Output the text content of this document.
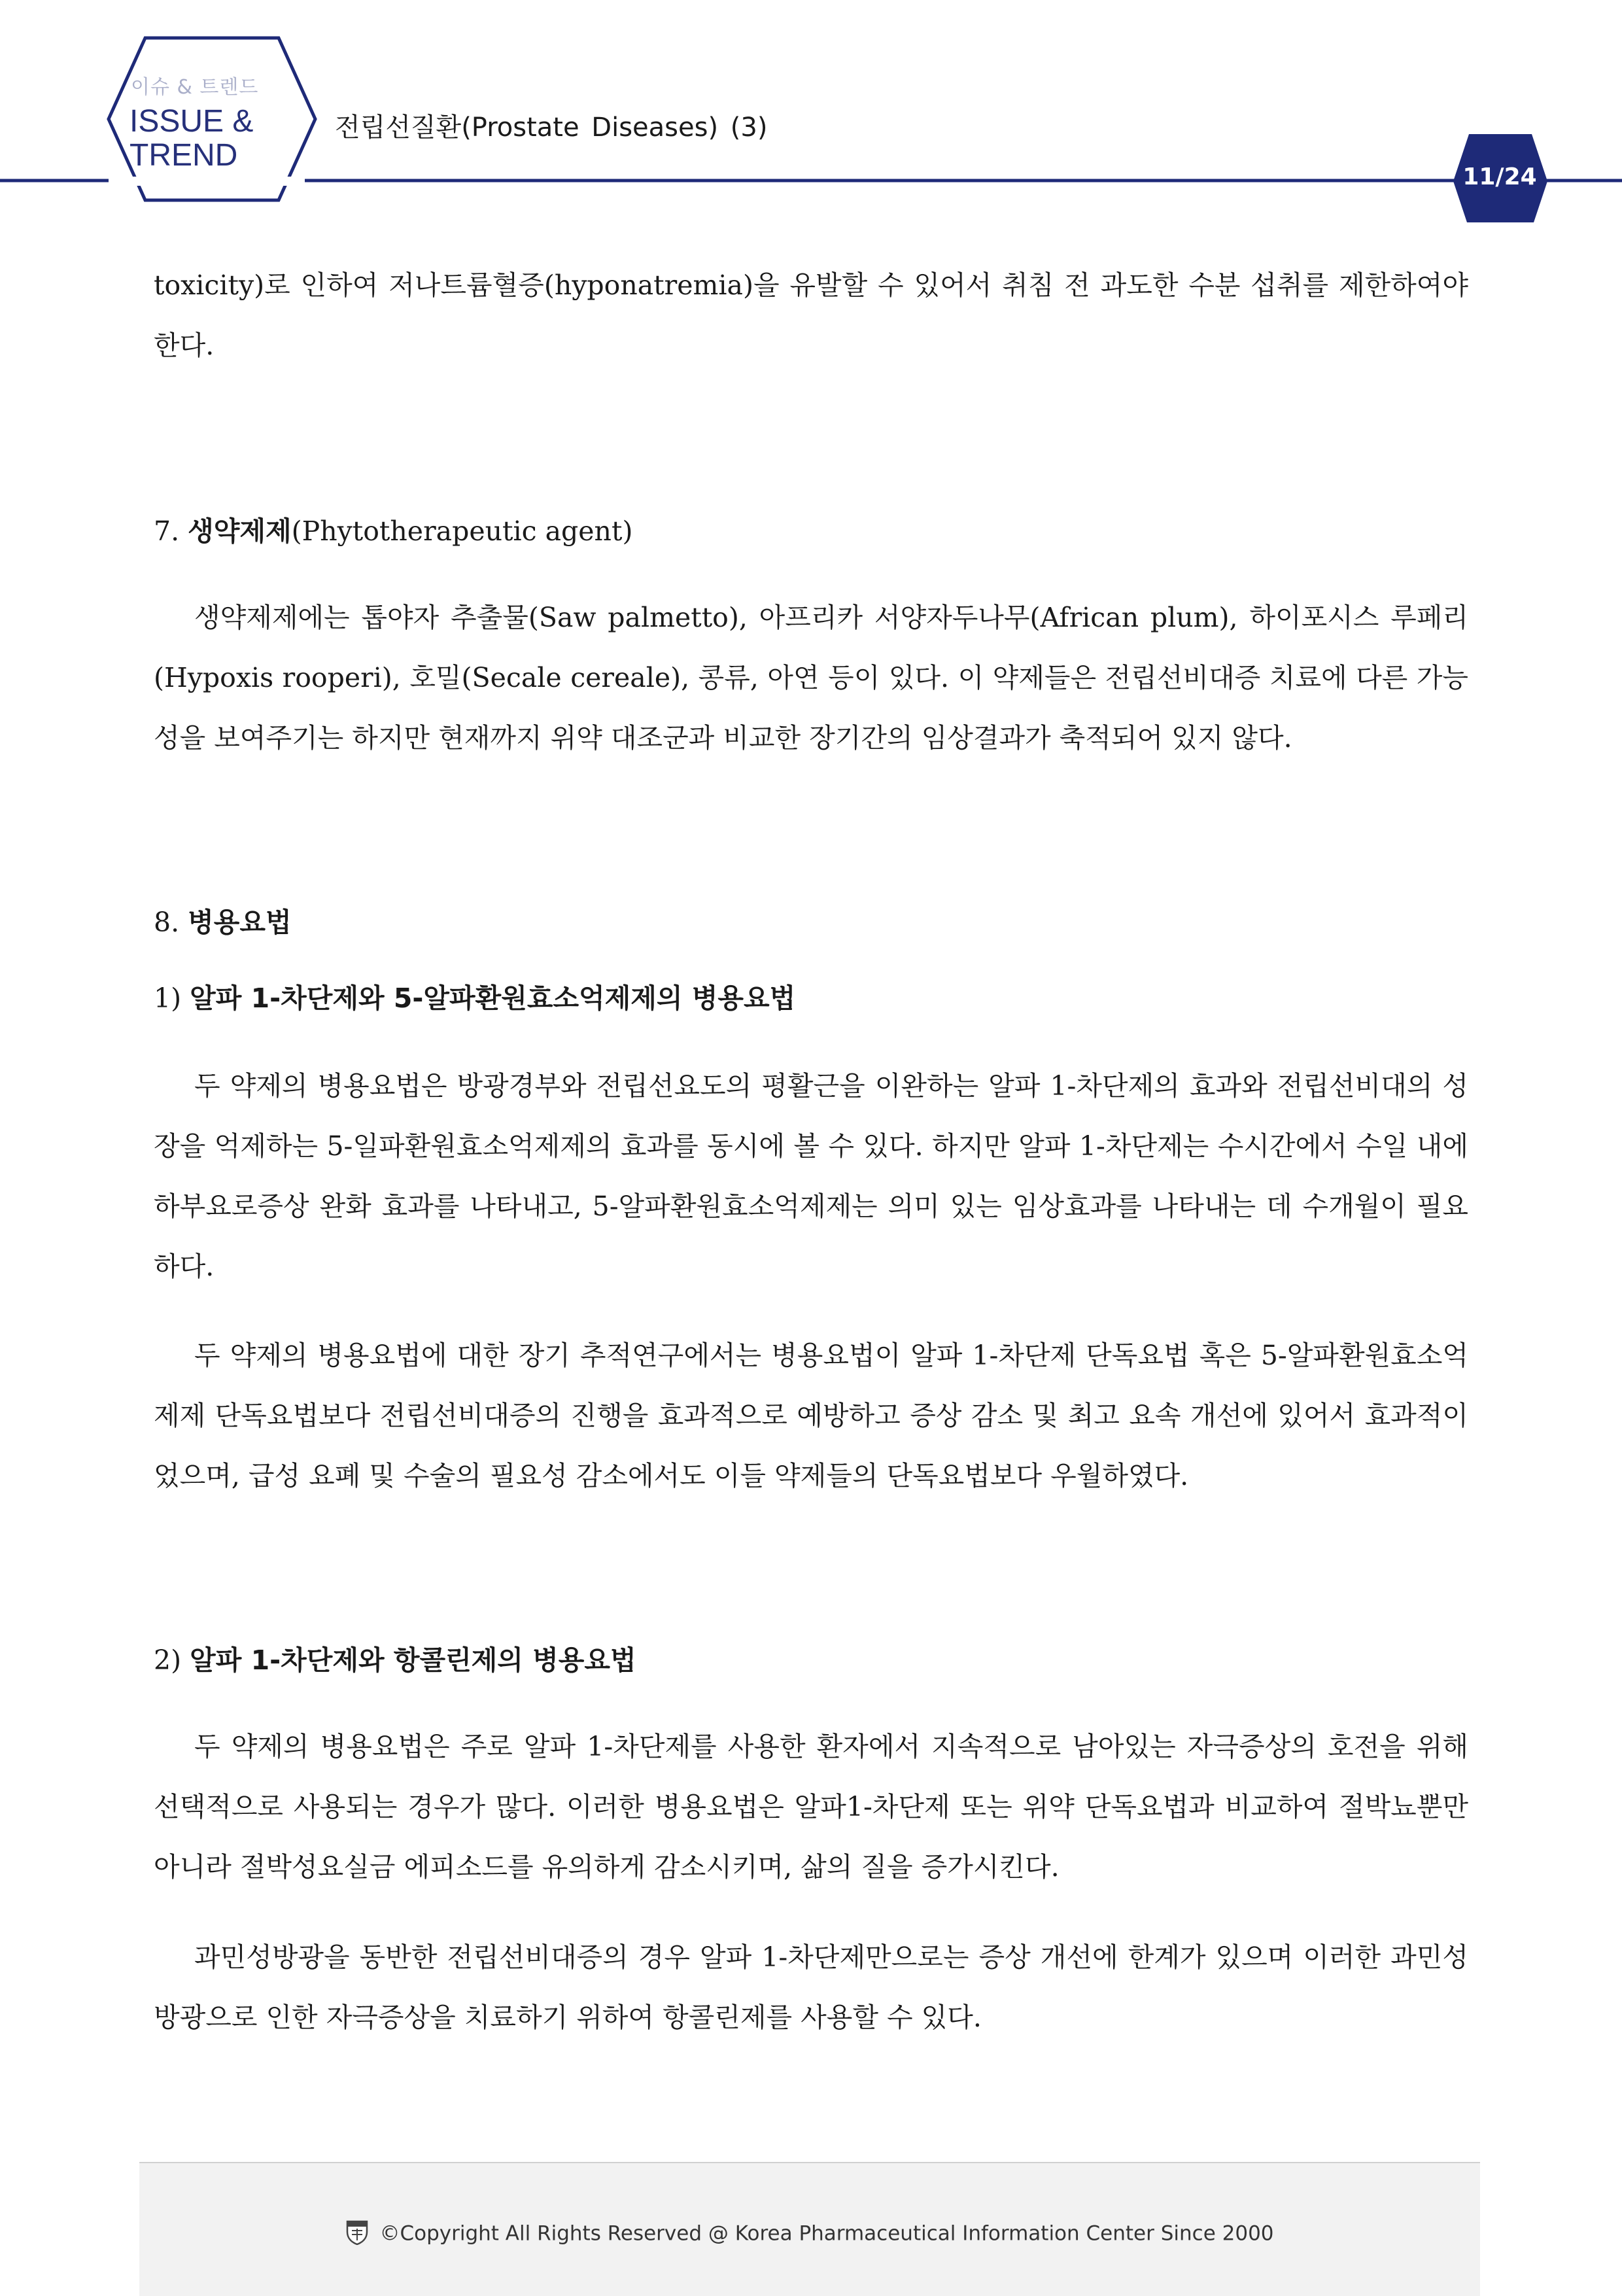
이슈 & 트렌드
ISSUE &
TREND
전립선질환(Prostate Diseases) (3)
11/24

toxicity)로 인하여 저나트륨혈증(hyponatremia)을 유발할 수 있어서 취침 전 과도한 수분 섭취를 제한하여야 한다.

7. 생약제제(Phytotherapeutic agent)

생약제제에는 톱야자 추출물(Saw palmetto), 아프리카 서양자두나무(African plum), 하이포시스 루페리(Hypoxis rooperi), 호밀(Secale cereale), 콩류, 아연 등이 있다. 이 약제들은 전립선비대증 치료에 다른 가능성을 보여주기는 하지만 현재까지 위약 대조군과 비교한 장기간의 임상결과가 축적되어 있지 않다.

8. 병용요법

1) 알파 1-차단제와 5-알파환원효소억제제의 병용요법

두 약제의 병용요법은 방광경부와 전립선요도의 평활근을 이완하는 알파 1-차단제의 효과와 전립선비대의 성장을 억제하는 5-일파환원효소억제제의 효과를 동시에 볼 수 있다. 하지만 알파 1-차단제는 수시간에서 수일 내에 하부요로증상 완화 효과를 나타내고, 5-알파환원효소억제제는 의미 있는 임상효과를 나타내는 데 수개월이 필요하다.

두 약제의 병용요법에 대한 장기 추적연구에서는 병용요법이 알파 1-차단제 단독요법 혹은 5-알파환원효소억제제 단독요법보다 전립선비대증의 진행을 효과적으로 예방하고 증상 감소 및 최고 요속 개선에 있어서 효과적이었으며, 급성 요폐 및 수술의 필요성 감소에서도 이들 약제들의 단독요법보다 우월하였다.

2) 알파 1-차단제와 항콜린제의 병용요법

두 약제의 병용요법은 주로 알파 1-차단제를 사용한 환자에서 지속적으로 남아있는 자극증상의 호전을 위해 선택적으로 사용되는 경우가 많다. 이러한 병용요법은 알파1-차단제 또는 위약 단독요법과 비교하여 절박뇨뿐만 아니라 절박성요실금 에피소드를 유의하게 감소시키며, 삶의 질을 증가시킨다.

과민성방광을 동반한 전립선비대증의 경우 알파 1-차단제만으로는 증상 개선에 한계가 있으며 이러한 과민성방광으로 인한 자극증상을 치료하기 위하여 항콜린제를 사용할 수 있다.

©Copyright All Rights Reserved @ Korea Pharmaceutical Information Center Since 2000
